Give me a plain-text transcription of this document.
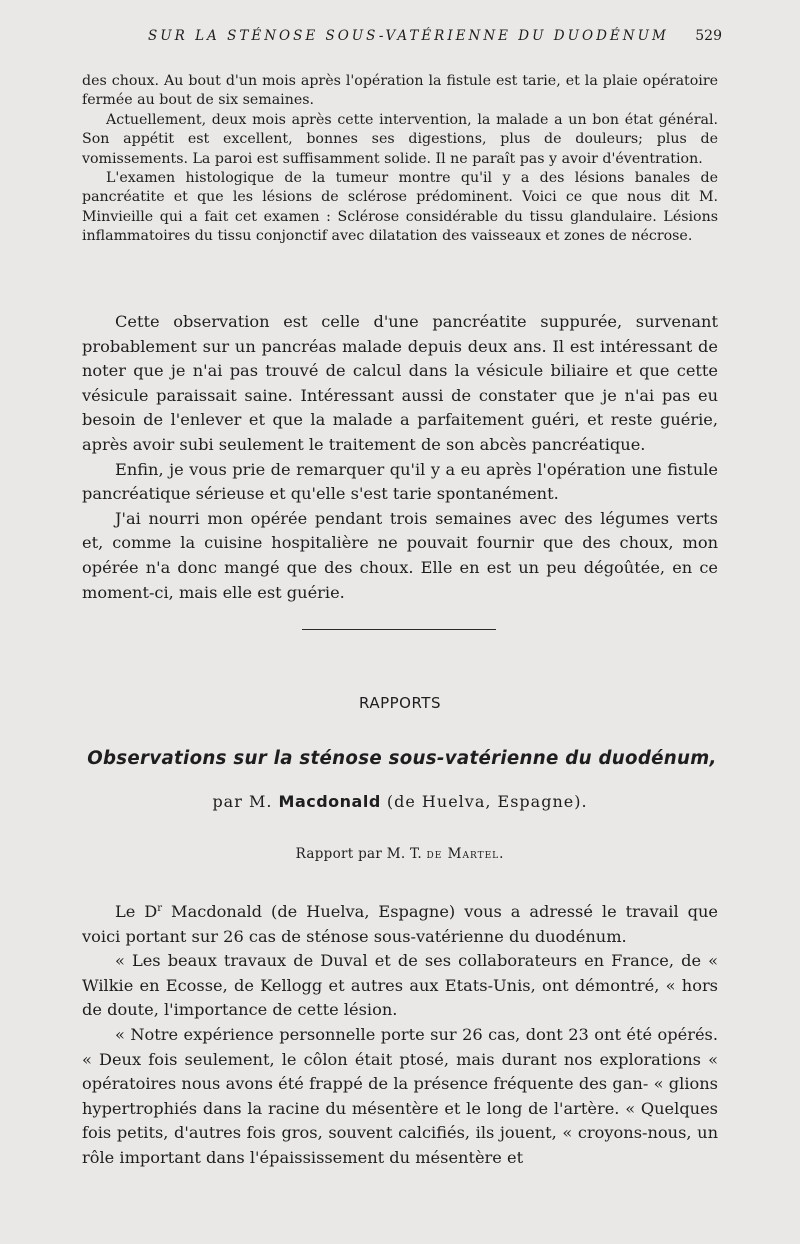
SUR LA STÉNOSE SOUS-VATÉRIENNE DU DUODÉNUM 529

des choux. Au bout d'un mois après l'opération la fistule est tarie, et la plaie opératoire fermée au bout de six semaines.

Actuellement, deux mois après cette intervention, la malade a un bon état général. Son appétit est excellent, bonnes ses digestions, plus de douleurs; plus de vomissements. La paroi est suffisamment solide. Il ne paraît pas y avoir d'éventration.

L'examen histologique de la tumeur montre qu'il y a des lésions banales de pancréatite et que les lésions de sclérose prédominent. Voici ce que nous dit M. Minvieille qui a fait cet examen : Sclérose considérable du tissu glandulaire. Lésions inflammatoires du tissu conjonctif avec dilatation des vaisseaux et zones de nécrose.

Cette observation est celle d'une pancréatite suppurée, survenant probablement sur un pancréas malade depuis deux ans. Il est intéressant de noter que je n'ai pas trouvé de calcul dans la vésicule biliaire et que cette vésicule paraissait saine. Intéressant aussi de constater que je n'ai pas eu besoin de l'enlever et que la malade a parfaitement guéri, et reste guérie, après avoir subi seulement le traitement de son abcès pancréatique.

Enfin, je vous prie de remarquer qu'il y a eu après l'opération une fistule pancréatique sérieuse et qu'elle s'est tarie spontanément.

J'ai nourri mon opérée pendant trois semaines avec des légumes verts et, comme la cuisine hospitalière ne pouvait fournir que des choux, mon opérée n'a donc mangé que des choux. Elle en est un peu dégoûtée, en ce moment-ci, mais elle est guérie.

RAPPORTS
Observations sur la sténose sous-vatérienne du duodénum,
par M. Macdonald (de Huelva, Espagne).
Rapport par M. T. de Martel.

Le $D^r$ Macdonald (de Huelva, Espagne) vous a adressé le travail que voici portant sur 26 cas de sténose sous-vatérienne du duodénum.

« Les beaux travaux de Duval et de ses collaborateurs en France, de « Wilkie en Ecosse, de Kellogg et autres aux Etats-Unis, ont démontré, « hors de doute, l'importance de cette lésion.

« Notre expérience personnelle porte sur 26 cas, dont 23 ont été opérés. « Deux fois seulement, le côlon était ptosé, mais durant nos explorations « opératoires nous avons été frappé de la présence fréquente des gan- « glions hypertrophiés dans la racine du mésentère et le long de l'artère. « Quelques fois petits, d'autres fois gros, souvent calcifiés, ils jouent, « croyons-nous, un rôle important dans l'épaississement du mésentère et
